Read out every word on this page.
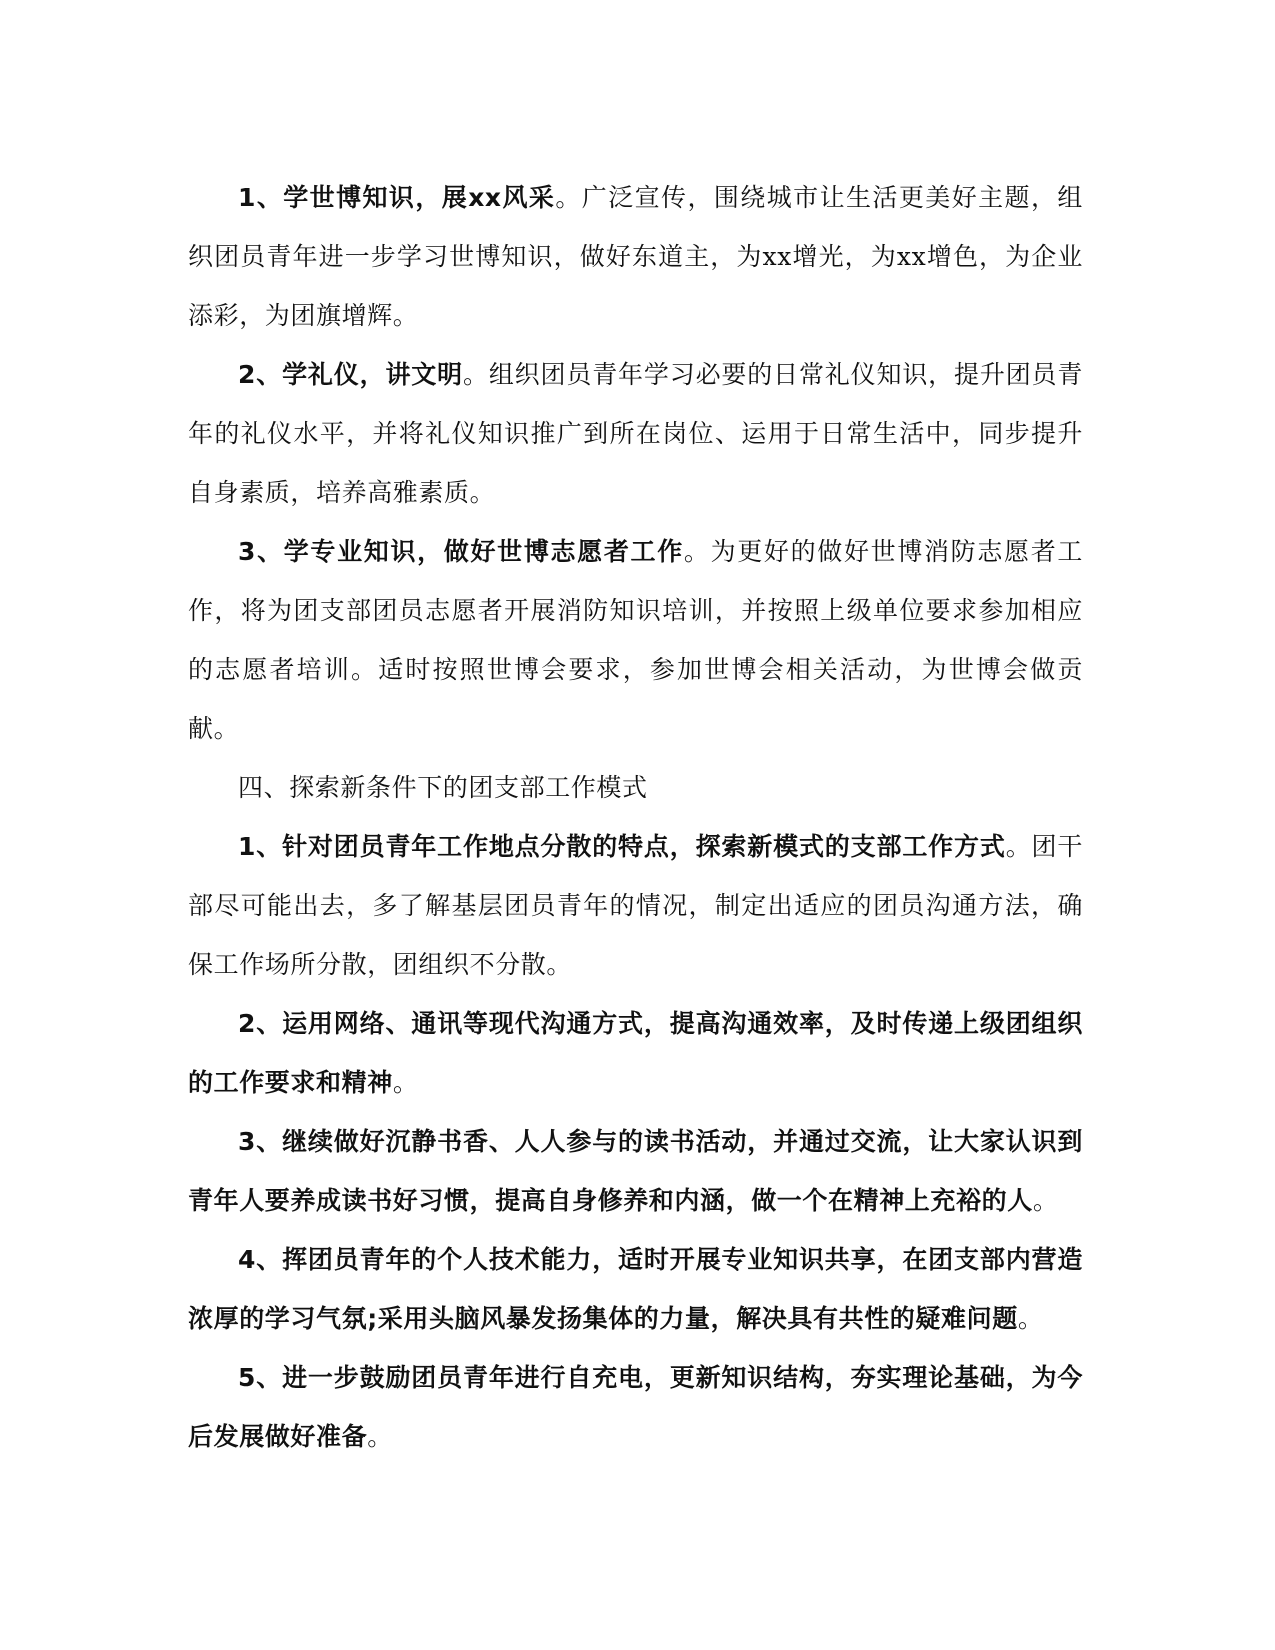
1、学世博知识，展xx风采。广泛宣传，围绕城市让生活更美好主题，组织团员青年进一步学习世博知识，做好东道主，为xx增光，为xx增色，为企业添彩，为团旗增辉。

2、学礼仪，讲文明。组织团员青年学习必要的日常礼仪知识，提升团员青年的礼仪水平，并将礼仪知识推广到所在岗位、运用于日常生活中，同步提升自身素质，培养高雅素质。

3、学专业知识，做好世博志愿者工作。为更好的做好世博消防志愿者工作，将为团支部团员志愿者开展消防知识培训，并按照上级单位要求参加相应的志愿者培训。适时按照世博会要求，参加世博会相关活动，为世博会做贡献。

四、探索新条件下的团支部工作模式

1、针对团员青年工作地点分散的特点，探索新模式的支部工作方式。团干部尽可能出去，多了解基层团员青年的情况，制定出适应的团员沟通方法，确保工作场所分散，团组织不分散。

2、运用网络、通讯等现代沟通方式，提高沟通效率，及时传递上级团组织的工作要求和精神。

3、继续做好沉静书香、人人参与的读书活动，并通过交流，让大家认识到青年人要养成读书好习惯，提高自身修养和内涵，做一个在精神上充裕的人。

4、挥团员青年的个人技术能力，适时开展专业知识共享，在团支部内营造浓厚的学习气氛;采用头脑风暴发扬集体的力量，解决具有共性的疑难问题。

5、进一步鼓励团员青年进行自充电，更新知识结构，夯实理论基础，为今后发展做好准备。
